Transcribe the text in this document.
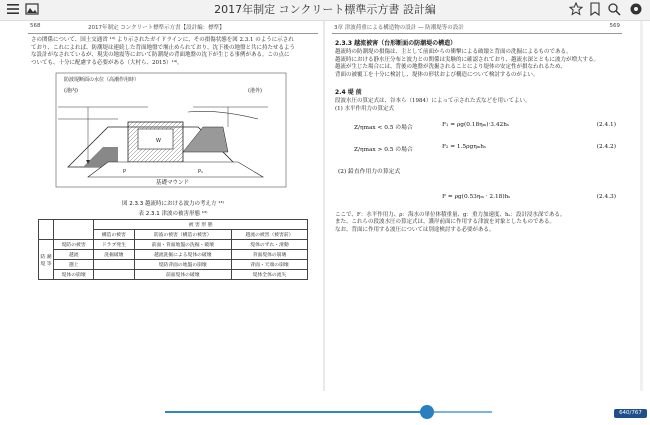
2017年制定 コンクリート標準示方書 設計編
568	2017年制定 コンクリート標準示方書【設計編：標準】

さの関係について、国土交通省 ¹³⁾ より示されたガイドラインに、その損傷状態を図 2.3.1 のように示され

ており、これによれば、防潮堤は連続した背面地盤で堰止められており、沈下後の地盤と共に持たせるよう

な設計がなされているが、現実の地震等において防潮堤の背面地盤の沈下が生じる事例がある。この点に

ついても、十分に配慮する必要がある（大村ら、2015）¹⁴⁾。

W
P	P₁
防波堤断面の水位（高潮作用時）
(港内)	(港外)
基礎マウンド
図 2.3.3 越流時における波力の考え方 ¹³⁾
表 2.3.1 津波の被害形態 ¹³⁾
		被 害 形 態		
		構造の被害	防波の被害（構造の被害）	越流の被害（被害前）
防 潮 堤 等	堤防の被害	ドラブ発生	前面・背面地盤の洗掘・破壊	堤体のずれ・滑動
	越流	洗掘破壊	越流洗掘による堤体の破壊	背面堤体の崩壊
	遡上		堤防背面の地盤の崩壊	背面・天端の崩壊
	堤体の崩壊		前面堤体の破壊	堤体全体の流失
3章 津波荷重による構造物の設計 ― 防潮堤等の設計	569
2.3.3 越流被害（台形断面の防潮堤の構造）

越流時の防潮堤の損傷は、主として前面からの衝撃による破壊と背面の洗掘によるものである。

越流時における静水圧分布と波力との関係は実験的に確認されており、越流水深とともに波力が増大する。

越流が生じた場合には、背後の地盤が洗掘されることにより堤体の安定性が損なわれるため、

背面の被覆工を十分に検討し、堤体の形状および構造について検討するのがよい。

2.4 堤 前

段波水圧の算定式は、谷本ら（1984）によって示された式などを用いてよい。

(1) 水平作用力の算定式

Z/ηmax < 0.5 の場合	F₁ = ρg(0.18ηₘ)·3.42hₛ	(2.4.1)
Z/ηmax > 0.5 の場合	F₂ = 1.5ρgηₘhₛ	(2.4.2)
(2) 鉛直作用力の算定式
F = ρg(0.53ηₘ · 2.18)hₛ	(2.4.3)

ここで、F：水平作用力、ρ：海水の単位体積重量、g：重力加速度、hₛ：設計浸水深である。

また、これらの段波水圧の算定式は、護岸前面に作用する津波を対象としたものである。

なお、背面に作用する波圧については別途検討する必要がある。

640/767
